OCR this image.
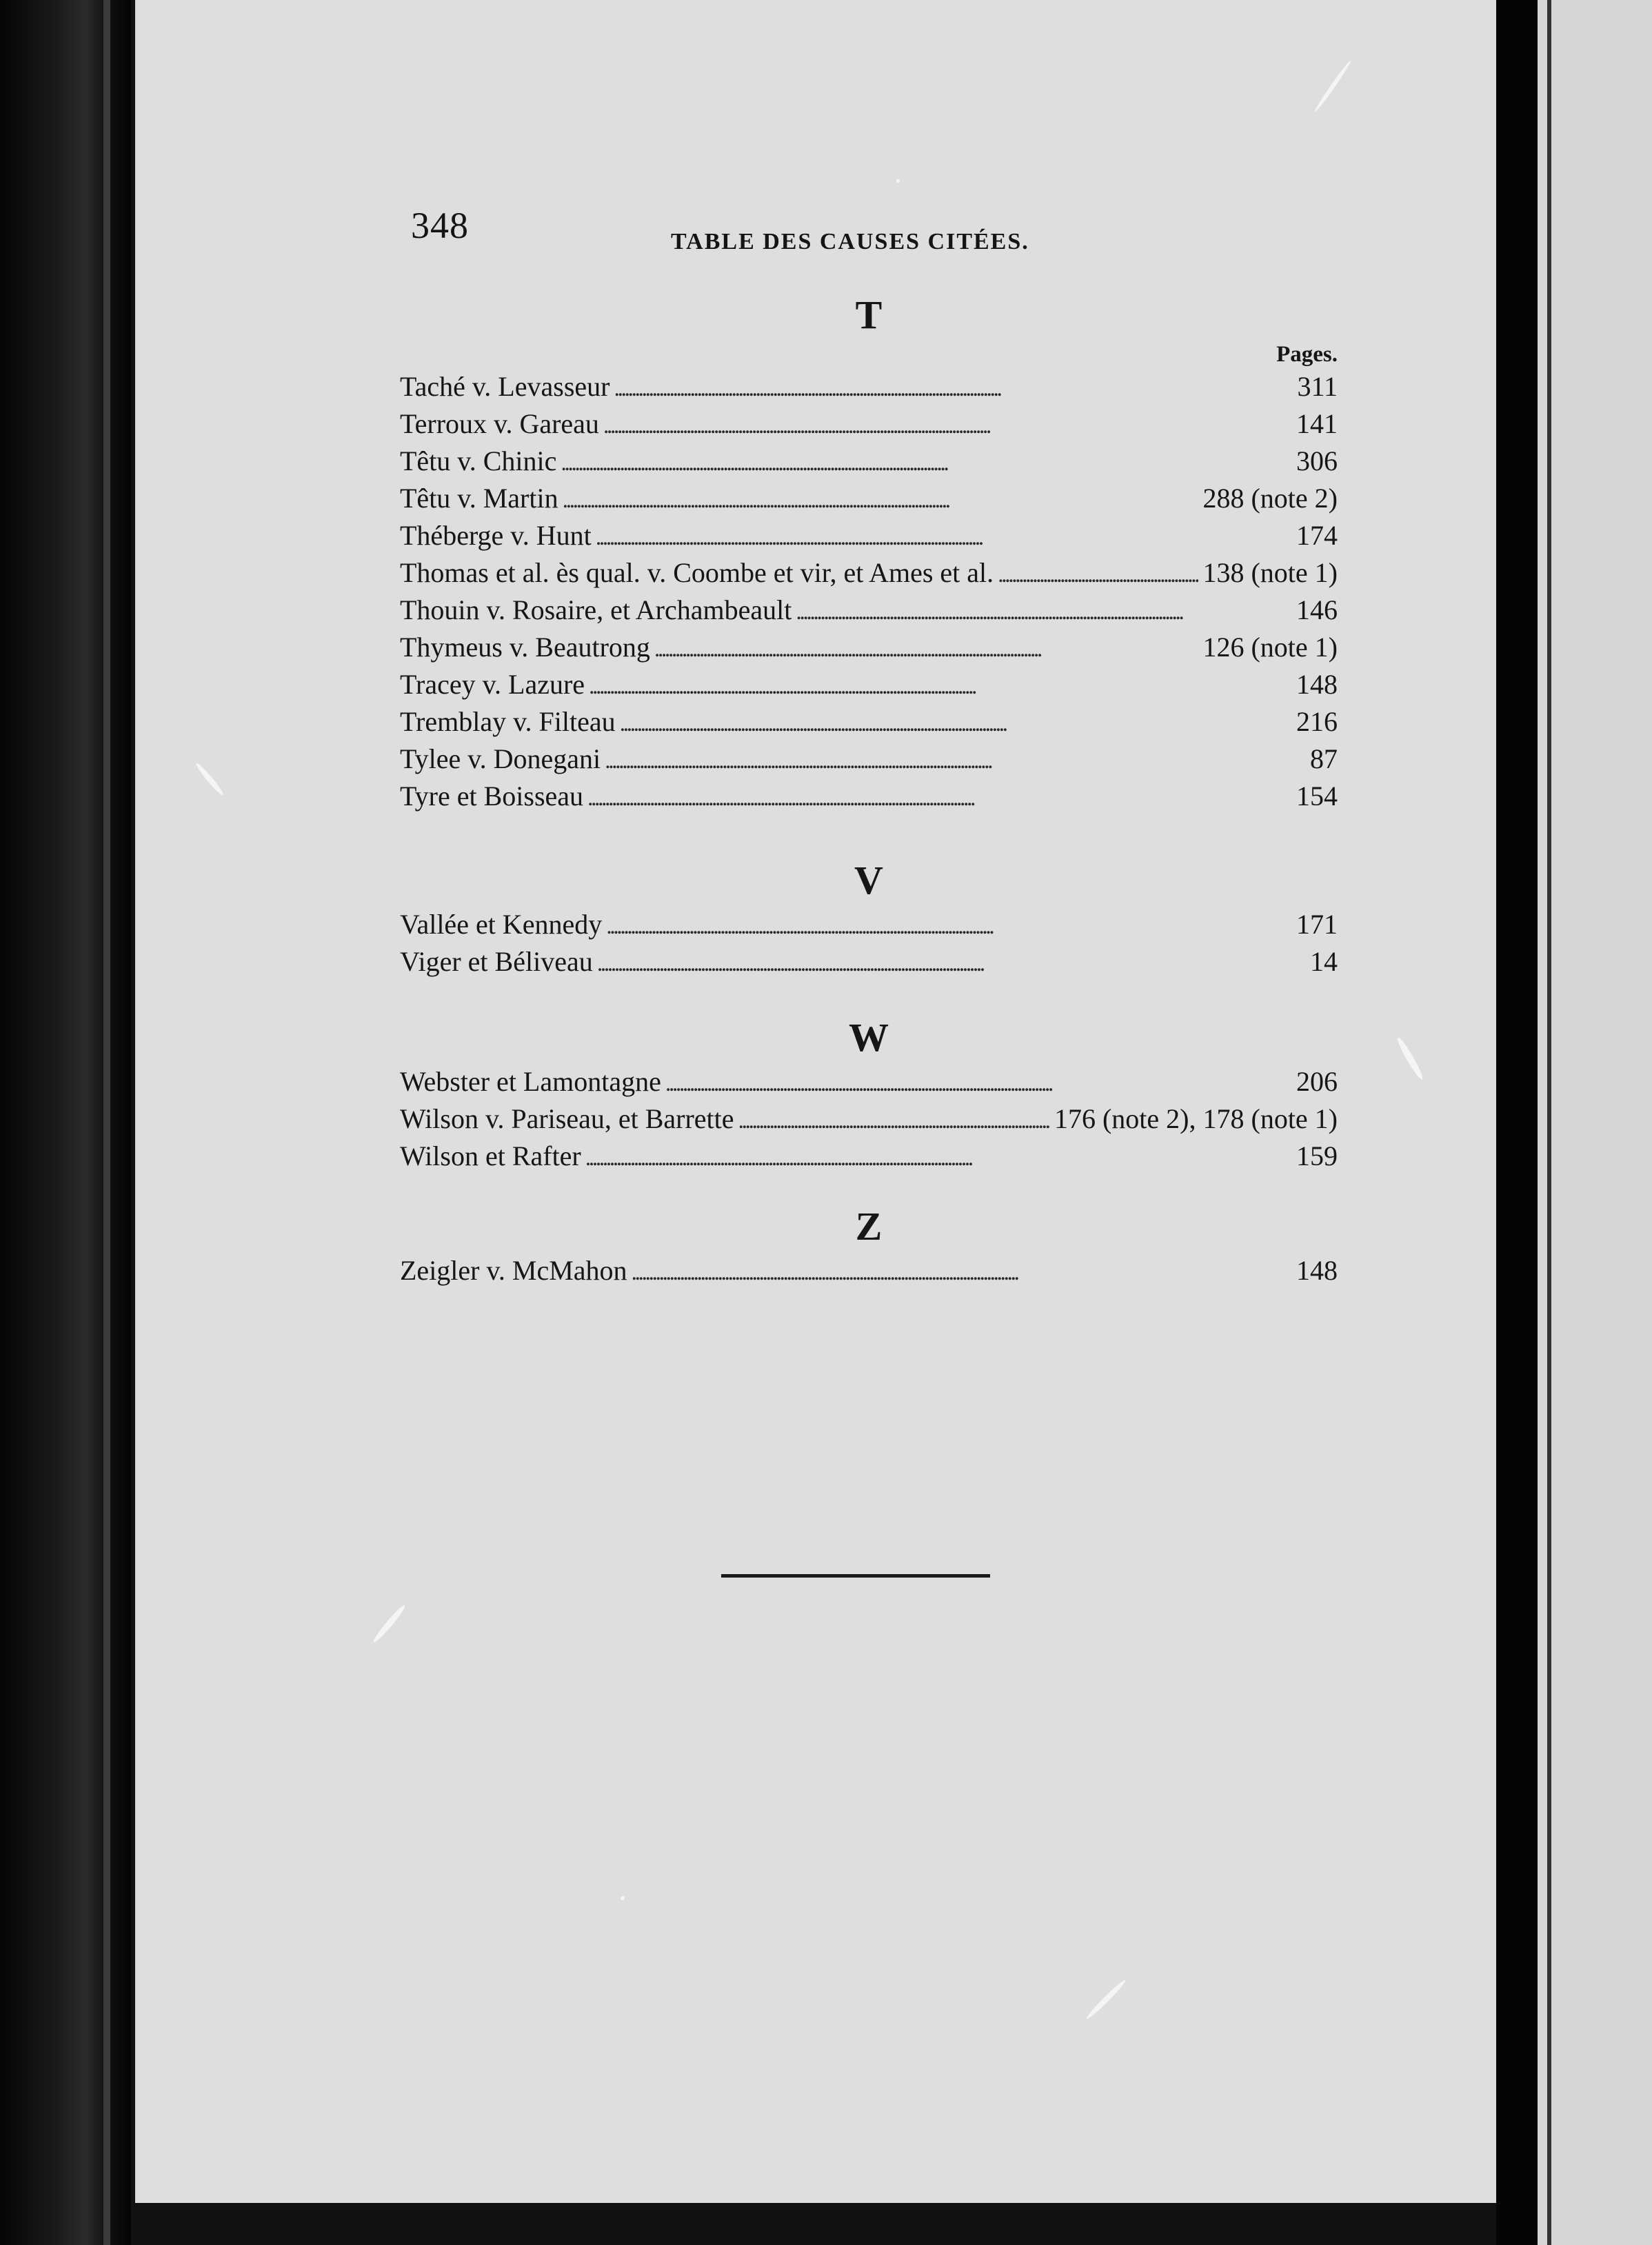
348	TABLE DES CAUSES CITÉES.
T
Pages.
Taché v. Levasseur . . .	311
Terroux v. Gareau . . .	141
Têtu v. Chinic . . .	306
Têtu v. Martin . . .	288 (note 2)
Théberge v. Hunt . . .	174
Thomas et al. ès qual. v. Coombe et vir, et Ames et al. . . .	138 (note 1)
Thouin v. Rosaire, et Archambeault . . .	146
Thymeus v. Beautrong . . .	126 (note 1)
Tracey v. Lazure . . .	148
Tremblay v. Filteau . . .	216
Tylee v. Donegani . . .	87
Tyre et Boisseau . . .	154
V
Vallée et Kennedy . . .	171
Viger et Béliveau . . .	14
W
Webster et Lamontagne . . .	206
Wilson v. Pariseau, et Barrette . . .	176 (note 2), 178 (note 1)
Wilson et Rafter . . .	159
Z
Zeigler v. McMahon . . .	148
